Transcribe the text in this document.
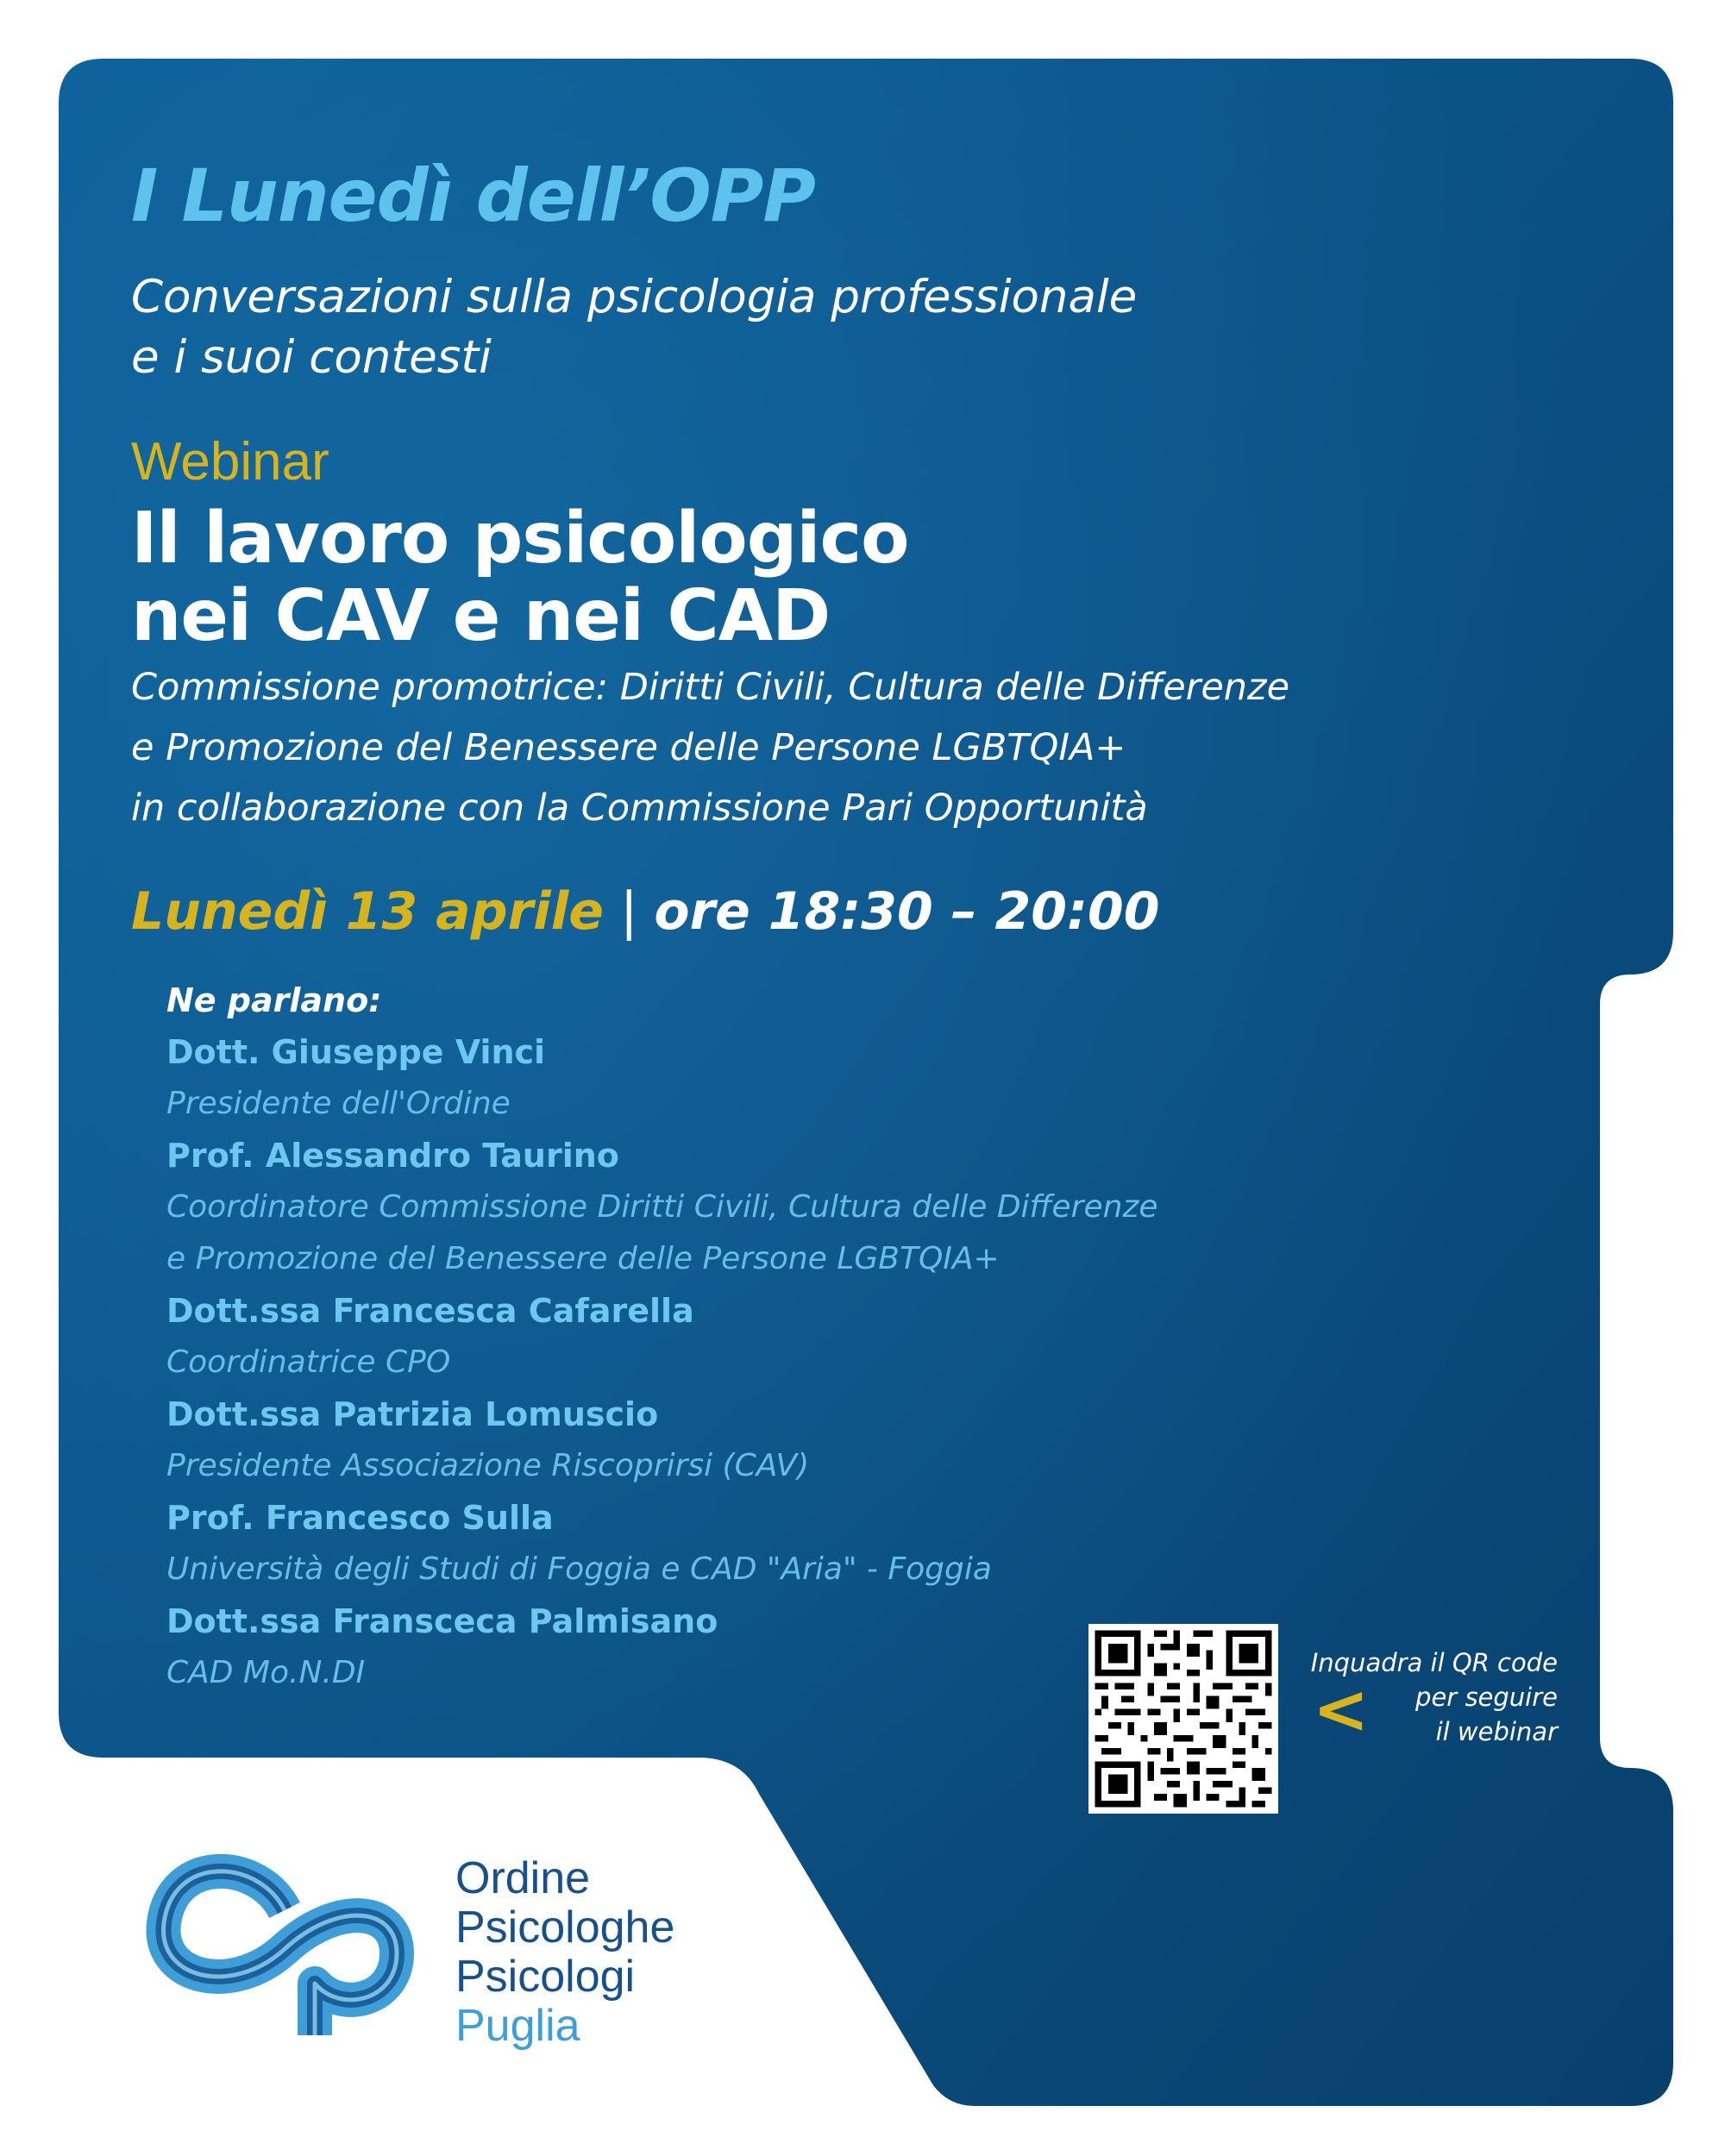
I Lunedì dell’OPP
Conversazioni sulla psicologia professionale
e i suoi contesti
Webinar
Il lavoro psicologico
nei CAV e nei CAD
Commissione promotrice: Diritti Civili, Cultura delle Differenze
e Promozione del Benessere delle Persone LGBTQIA+
in collaborazione con la Commissione Pari Opportunità
Lunedì 13 aprile | ore 18:30 – 20:00
Ne parlano:
Dott. Giuseppe Vinci
Presidente dell'Ordine
Prof. Alessandro Taurino
Coordinatore Commissione Diritti Civili, Cultura delle Differenze
e Promozione del Benessere delle Persone LGBTQIA+
Dott.ssa Francesca Cafarella
Coordinatrice CPO
Dott.ssa Patrizia Lomuscio
Presidente Associazione Riscoprirsi (CAV)
Prof. Francesco Sulla
Università degli Studi di Foggia e CAD "Aria" - Foggia
Dott.ssa Fransceca Palmisano
CAD Mo.N.DI	<
Inquadra il QR code
per seguire
il webinar
Ordine
Psicologhe
Psicologi
Puglia
